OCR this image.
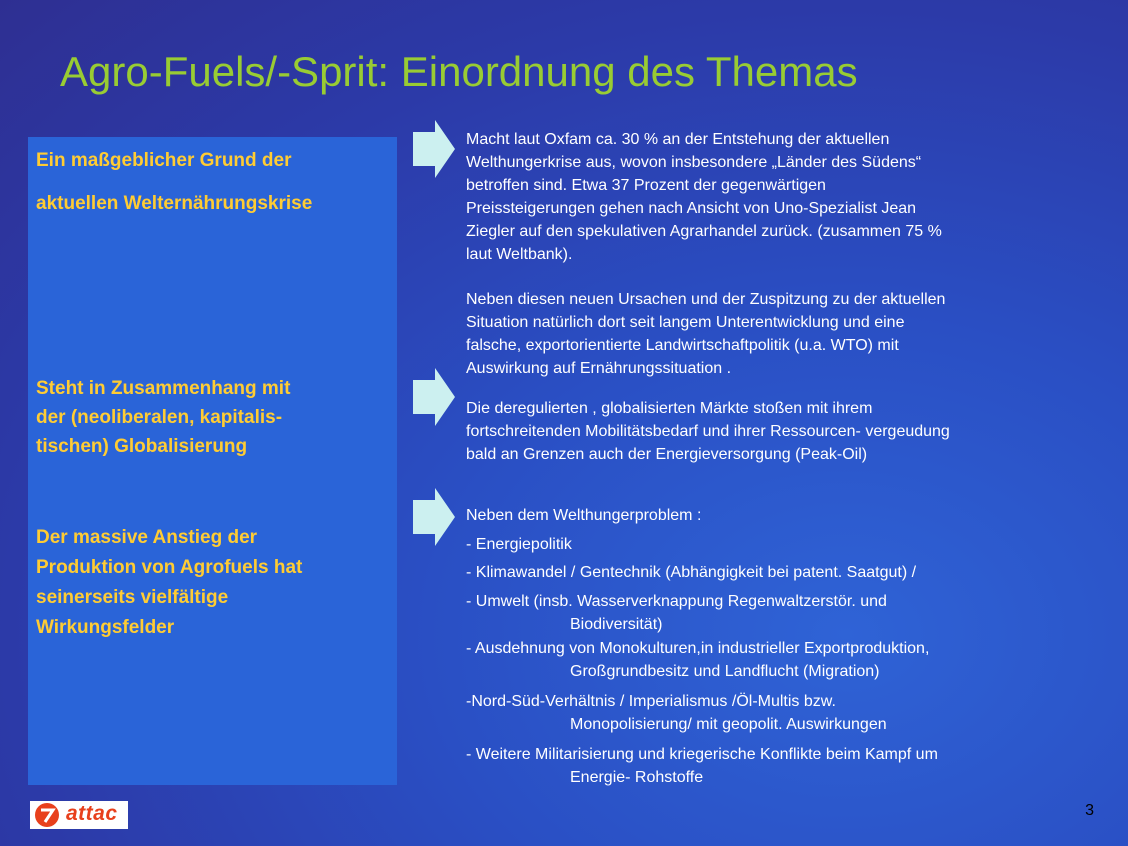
Agro-Fuels/-Sprit: Einordnung des Themas

Ein maßgeblicher Grund der

aktuellen Welternährungskrise

Steht in Zusammenhang mit
der (neoliberalen, kapitalis-
tischen) Globalisierung

Der massive Anstieg der
Produktion von Agrofuels hat
seinerseits vielfältige
Wirkungsfelder

Macht laut Oxfam ca. 30 % an der Entstehung der aktuellen
Welthungerkrise aus, wovon insbesondere „Länder des Südens“
betroffen sind. Etwa 37 Prozent der gegenwärtigen
Preissteigerungen gehen nach Ansicht von Uno-Spezialist Jean
Ziegler auf den spekulativen Agrarhandel zurück. (zusammen 75 %
laut Weltbank).

Neben diesen neuen Ursachen und der Zuspitzung zu der aktuellen
Situation natürlich dort seit langem Unterentwicklung und eine
falsche, exportorientierte Landwirtschaftpolitik (u.a. WTO) mit
Auswirkung auf Ernährungssituation .

Die deregulierten , globalisierten Märkte stoßen mit ihrem
fortschreitenden Mobilitätsbedarf und ihrer Ressourcen- vergeudung
bald an Grenzen auch der Energieversorgung (Peak-Oil)

Neben dem Welthungerproblem :

- Energiepolitik

- Klimawandel / Gentechnik (Abhängigkeit bei patent. Saatgut) /

- Umwelt (insb. Wasserverknappung Regenwaltzerstör. und
Biodiversität)

- Ausdehnung von Monokulturen,in industrieller Exportproduktion,
Großgrundbesitz und Landflucht (Migration)

-Nord-Süd-Verhältnis / Imperialismus /Öl-Multis bzw.
Monopolisierung/ mit geopolit. Auswirkungen

- Weitere Militarisierung und kriegerische Konflikte beim Kampf um
Energie- Rohstoffe

attac	3
